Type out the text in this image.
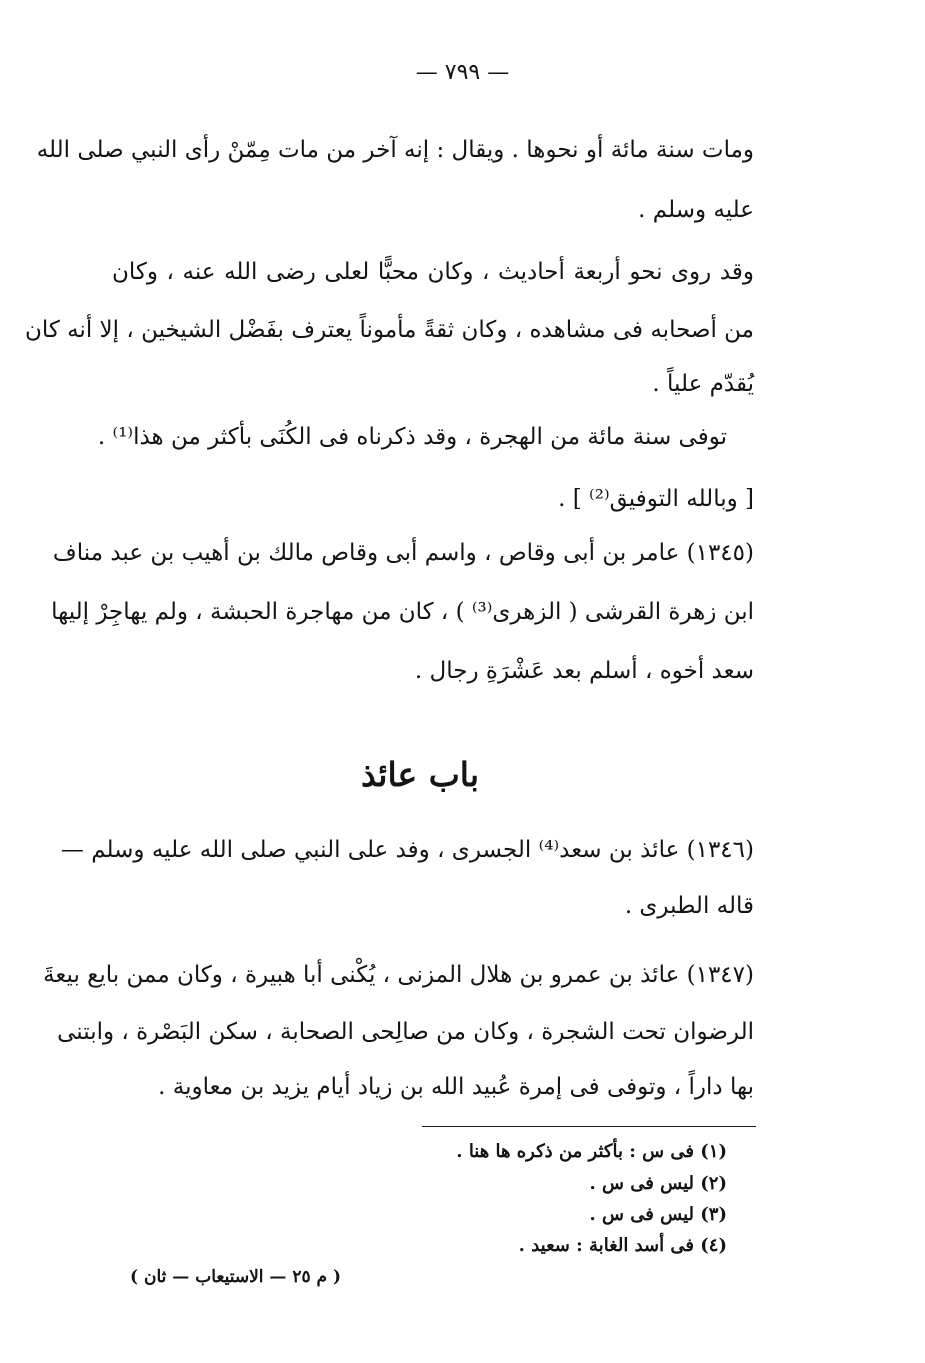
— ٧٩٩ —
ومات سنة مائة أو نحوها . ويقال : إنه آخر من مات مِمّنْ رأى النبي صلى الله
عليه وسلم .
وقد روى نحو أربعة أحاديث ، وكان محبًّا لعلى رضى الله عنه ، وكان
من أصحابه فى مشاهده ، وكان ثقةً مأموناً يعترف بفَضْل الشيخين ، إلا أنه كان
يُقدّم علياً .
توفى سنة مائة من الهجرة ، وقد ذكرناه فى الكُنَى بأكثر من هذا⁽¹⁾ .
[ وبالله التوفيق⁽²⁾ ] .
(١٣٤٥) عامر بن أبى وقاص ، واسم أبى وقاص مالك بن أهيب بن عبد مناف
ابن زهرة القرشى ( الزهرى⁽³⁾ ) ، كان من مهاجرة الحبشة ، ولم يهاجِرْ إليها
سعد أخوه ، أسلم بعد عَشْرَةِ رجال .
باب عائذ
(١٣٤٦) عائذ بن سعد⁽⁴⁾ الجسرى ، وفد على النبي صلى الله عليه وسلم —
قاله الطبرى .
(١٣٤٧) عائذ بن عمرو بن هلال المزنى ، يُكْنى أبا هبيرة ، وكان ممن بايع بيعةَ
الرضوان تحت الشجرة ، وكان من صالِحى الصحابة ، سكن البَصْرة ، وابتنى
بها داراً ، وتوفى فى إمرة عُبيد الله بن زياد أيام يزيد بن معاوية .
(١) فى س : بأكثر من ذكره ها هنا .
(٢) ليس فى س .
(٣) ليس فى س .
(٤) فى أسد الغابة : سعيد .
( م ٢٥ — الاستيعاب — ثان )
